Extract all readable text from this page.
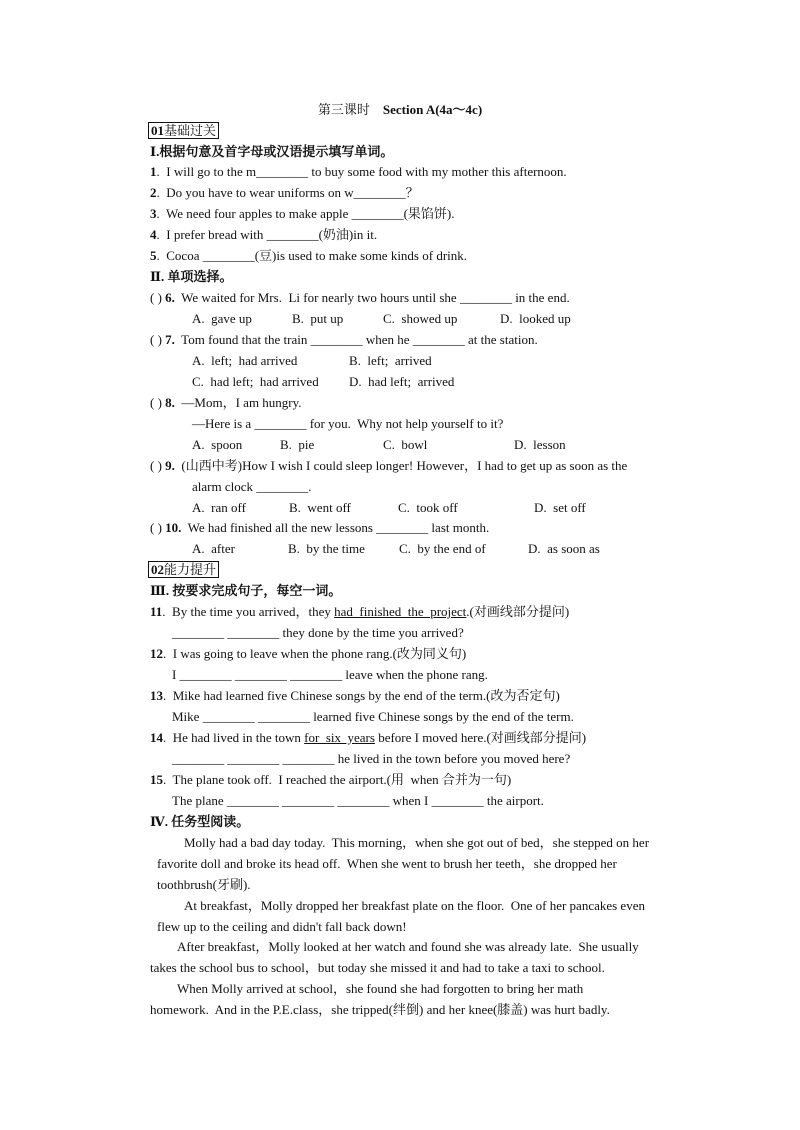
第三课时 Section A(4a～4c)
01基础过关
Ⅰ.根据句意及首字母或汉语提示填写单词。
1.  I will go to the m________ to buy some food with my mother this afternoon.
2.  Do you have to wear uniforms on w________？
3.  We need four apples to make apple ________(果馅饼).
4.  I prefer bread with ________(奶油)in it.
5.  Cocoa ________(豆)is used to make some kinds of drink.
Ⅱ. 单项选择。
( ) 6.  We waited for Mrs.  Li for nearly two hours until she ________ in the end.
A.  gave up	B.  put up	C.  showed up	D.  looked up
( ) 7.  Tom found that the train ________ when he ________ at the station.
A.  left;  had arrived	B.  left;  arrived
C.  had left;  had arrived D.  had left;  arrived
( ) 8.  —Mom，I am hungry.
—Here is a ________ for you.  Why not help yourself to it?
A.  spoon	B.  pie	C.  bowl	D.  lesson
( ) 9.  (山西中考)How I wish I could sleep longer! However，I had to get up as soon as the
alarm clock ________.
A.  ran off	B.  went off	C.  took off	D.  set off
( ) 10.  We had finished all the new lessons ________ last month.
A.  after	B.  by the time	C.  by the end of	D.  as soon as
02能力提升
Ⅲ. 按要求完成句子，每空一词。
11.  By the time you arrived，they had  finished  the  project.(对画线部分提问)
________ ________ they done by the time you arrived?
12.  I was going to leave when the phone rang.(改为同义句)
I ________ ________ ________ leave when the phone rang.
13.  Mike had learned five Chinese songs by the end of the term.(改为否定句)
Mike ________ ________ learned five Chinese songs by the end of the term.
14.  He had lived in the town for  six  years before I moved here.(对画线部分提问)
________ ________ ________ he lived in the town before you moved here?
15.  The plane took off.  I reached the airport.(用  when 合并为一句)
The plane ________ ________ ________ when I ________ the airport.
Ⅳ. 任务型阅读。
Molly had a bad day today.  This morning，when she got out of bed，she stepped on her
favorite doll and broke its head off.  When she went to brush her teeth，she dropped her
toothbrush(牙刷).
At breakfast，Molly dropped her breakfast plate on the floor.  One of her pancakes even
flew up to the ceiling and didn't fall back down!
After breakfast，Molly looked at her watch and found she was already late.  She usually
takes the school bus to school，but today she missed it and had to take a taxi to school.
When Molly arrived at school，she found she had forgotten to bring her math
homework.  And in the P.E.class，she tripped(绊倒) and her knee(膝盖) was hurt badly.
